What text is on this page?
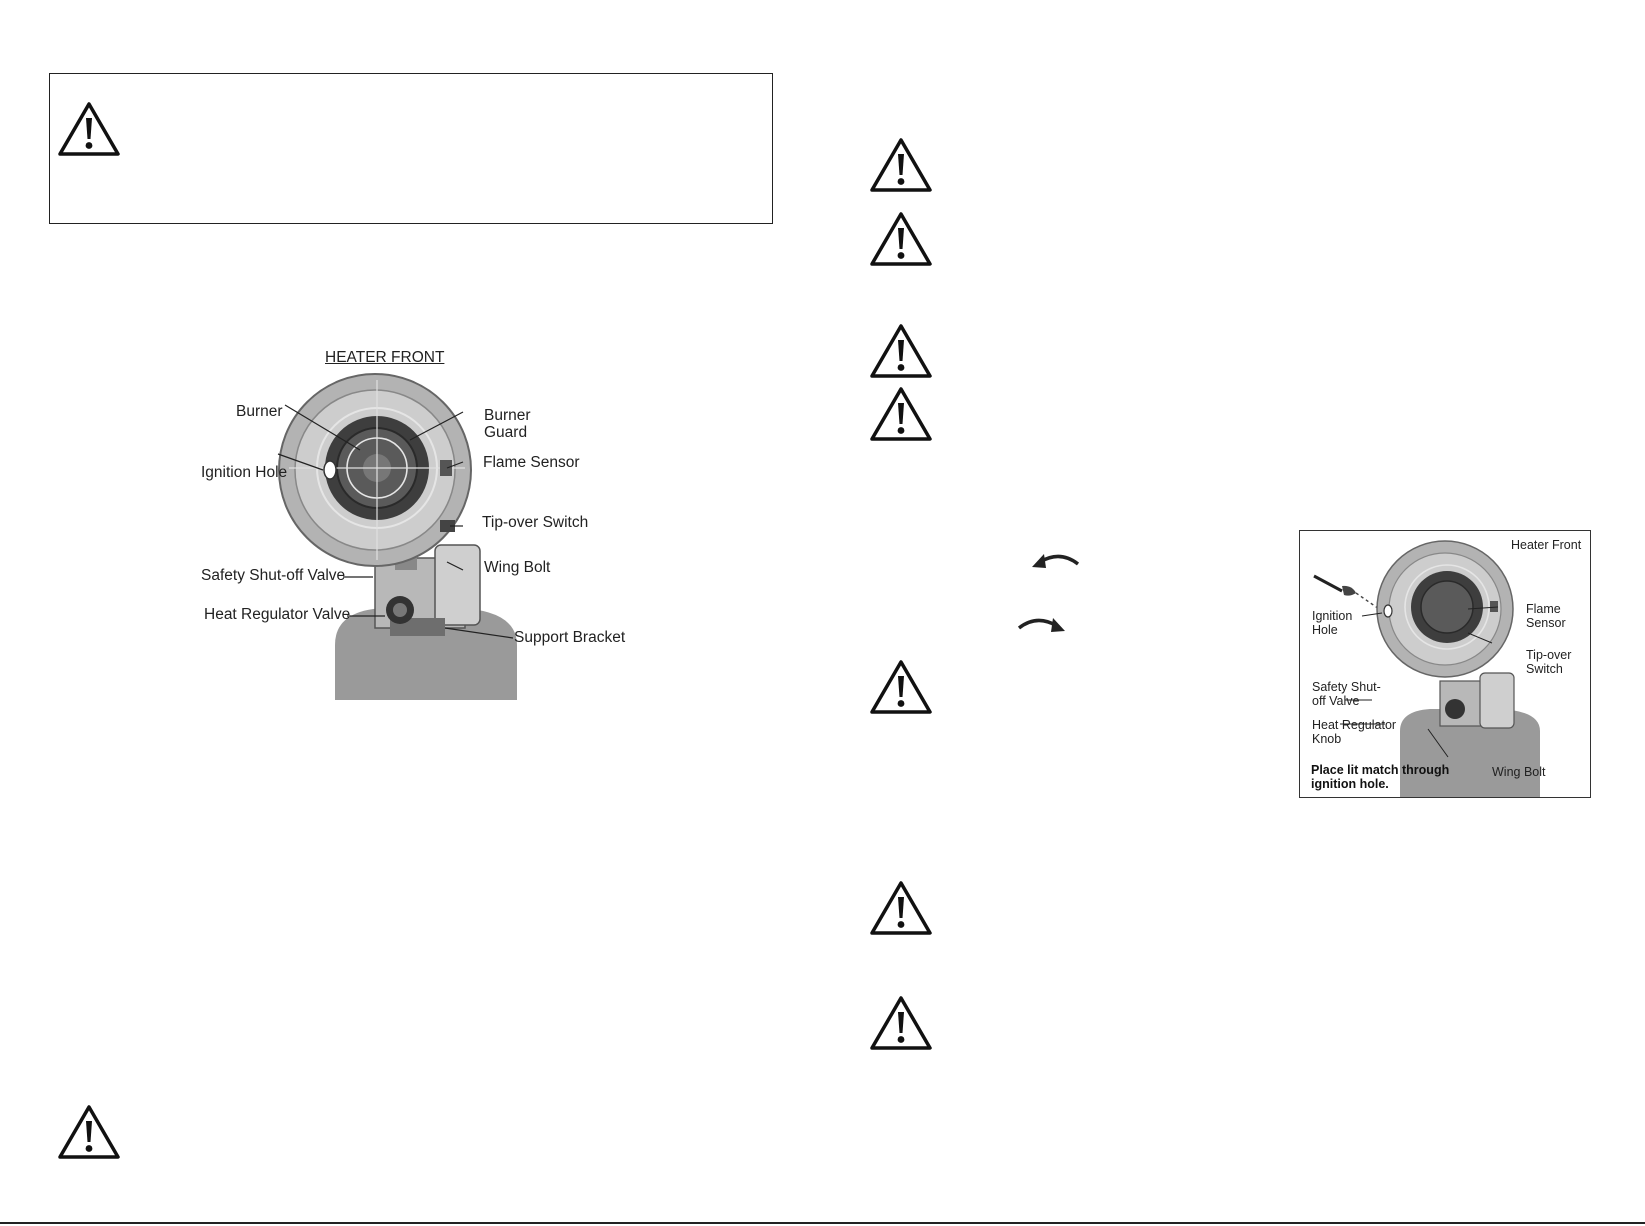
HEATER FRONT
Burner	Burner Guard
Ignition Hole
Flame Sensor
Tip-over Switch
Safety Shut-off Valve	Wing Bolt
Heat Regulator Valve
Support Bracket
Heater Front
Ignition Hole
Flame Sensor
Tip-over Switch
Safety Shut-off Valve
Heat Regulator Knob
Wing Bolt
Place lit match through ignition hole.
